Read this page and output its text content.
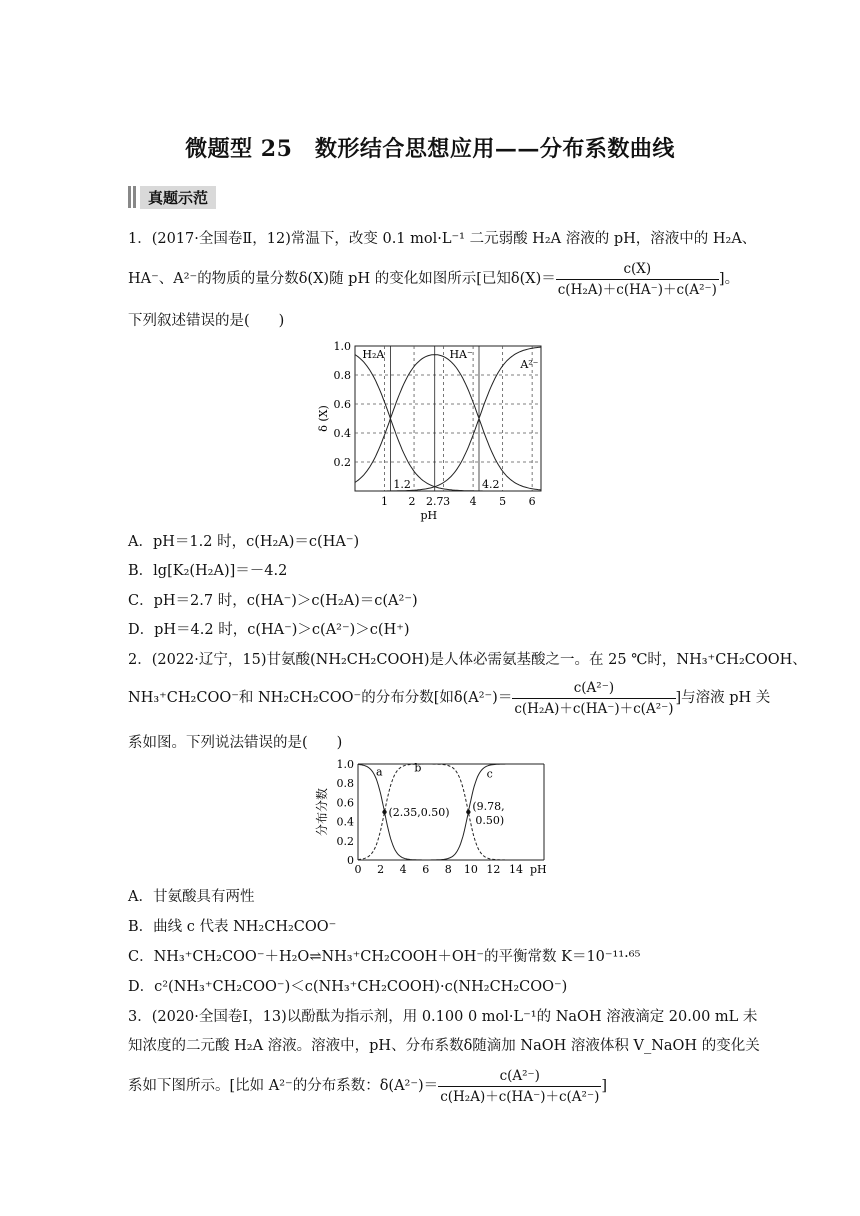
微题型 25　数形结合思想应用——分布系数曲线
真题示范
1．(2017·全国卷Ⅱ，12)常温下，改变 0.1 mol·L⁻¹ 二元弱酸 H₂A 溶液的 pH，溶液中的 H₂A、
HA⁻、A²⁻的物质的量分数δ(X)随 pH 的变化如图所示[已知$\delta(X)= \frac{c(X)}{\text{c(H₂A)＋c(HA⁻)＋c(A²⁻)}}$ ]。
下列叙述错误的是(　　)
H₂A	HA⁻
A²⁻
0.2
0.4
0.6
0.8
1.0
1 2 2.7 3 4 5 6
1.2	4.2
pH
δ (X)
A．pH＝1.2 时，c(H₂A)＝c(HA⁻)
B．lg[K₂(H₂A)]＝－4.2
C．pH＝2.7 时，c(HA⁻)＞c(H₂A)＝c(A²⁻)
D．pH＝4.2 时，c(HA⁻)＞c(A²⁻)＞c(H⁺)
2．(2022·辽宁，15)甘氨酸(NH₂CH₂COOH)是人体必需氨基酸之一。在 25 ℃时，NH₃⁺CH₂COOH、
NH₃⁺CH₂COO⁻和 NH₂CH₂COO⁻的分布分数[如$\delta(A^{2-})= \frac{\text{c(A²⁻)}}{\text{c(H₂A)＋c(HA⁻)＋c(A²⁻)}}$ ]与溶液 pH 关
系如图。下列说法错误的是(　　)
a	b	c
(2.35,0.50) (9.78,
0.50)
0
0.2
0.4
0.6
0.8
1.0
0 2 4 6 8 10 12 14 pH
分布分数
A．甘氨酸具有两性
B．曲线 c 代表 NH₂CH₂COO⁻
C．NH₃⁺CH₂COO⁻＋H₂O⇌NH₃⁺CH₂COOH＋OH⁻的平衡常数 K＝10⁻¹¹·⁶⁵
D．c²(NH₃⁺CH₂COO⁻)＜c(NH₃⁺CH₂COOH)·c(NH₂CH₂COO⁻)
3．(2020·全国卷Ⅰ，13)以酚酞为指示剂，用 0.100 0 mol·L⁻¹的 NaOH 溶液滴定 20.00 mL 未
知浓度的二元酸 H₂A 溶液。溶液中，pH、分布系数δ随滴加 NaOH 溶液体积 V_NaOH 的变化关
系如下图所示。[比如 A²⁻的分布系数：$\delta(A^{2-})= \frac{\text{c(A²⁻)}}{\text{c(H₂A)＋c(HA⁻)＋c(A²⁻)}}$ ]
